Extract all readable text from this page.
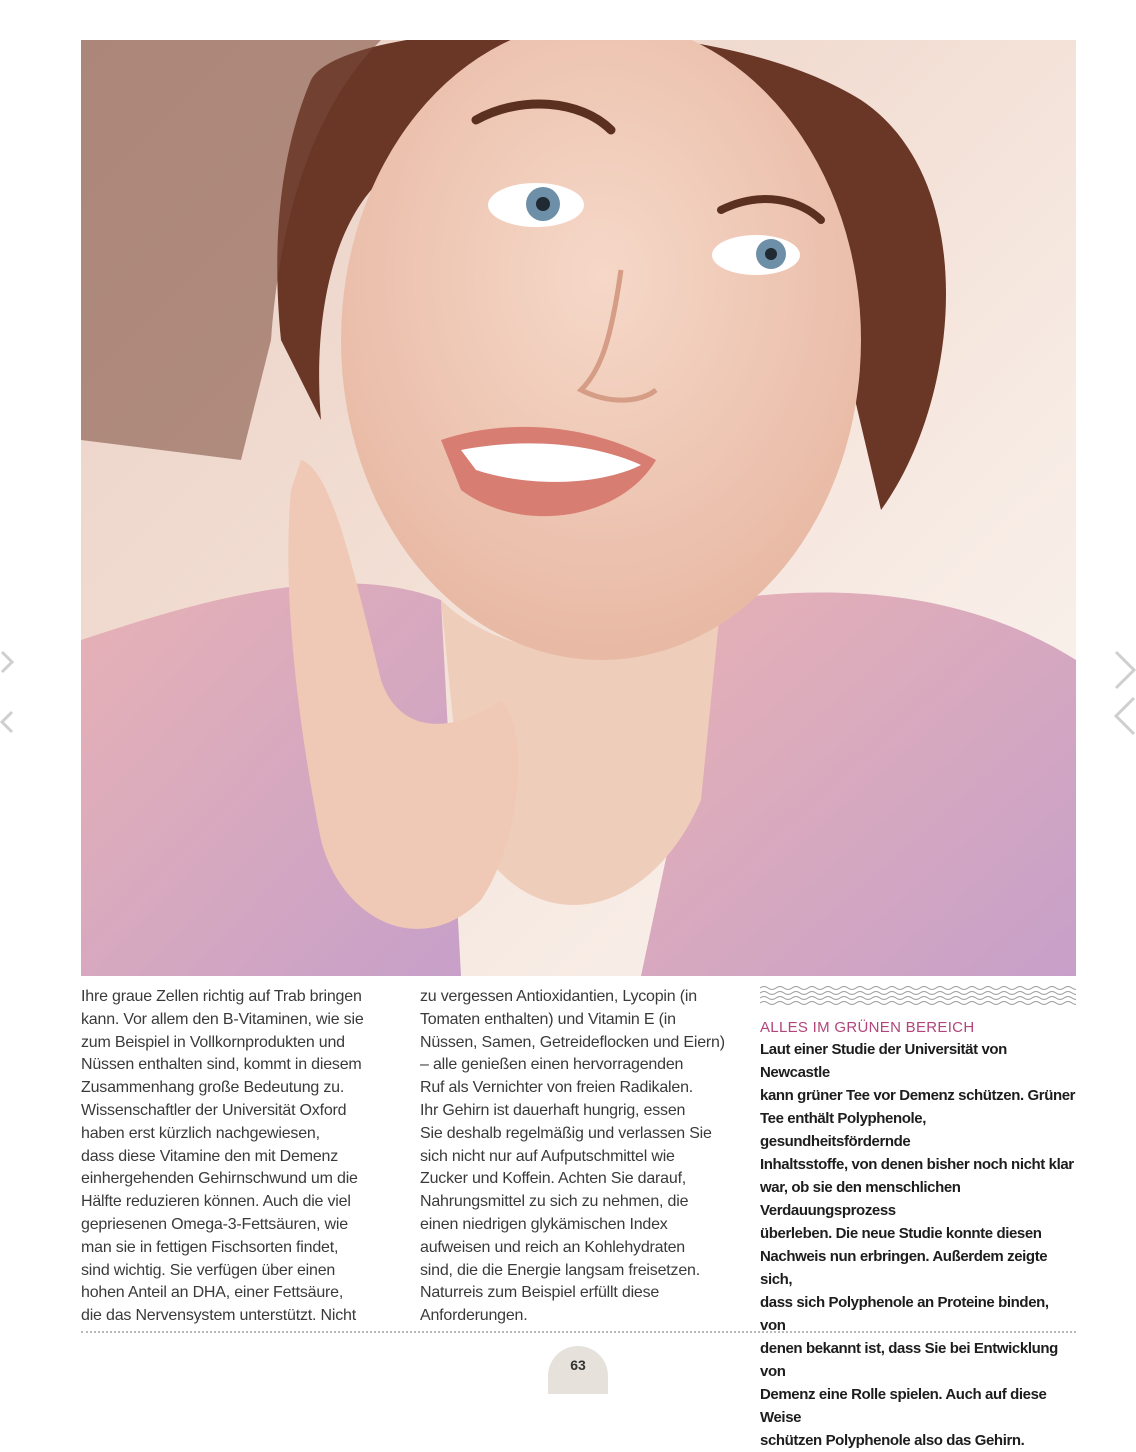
Ihre graue Zellen richtig auf Trab bringen
kann. Vor allem den B-Vitaminen, wie sie
zum Beispiel in Vollkornprodukten und
Nüssen enthalten sind, kommt in diesem
Zusammenhang große Bedeutung zu.
Wissenschaftler der Universität Oxford
haben erst kürzlich nachgewiesen,
dass diese Vitamine den mit Demenz
einhergehenden Gehirnschwund um die
Hälfte reduzieren können. Auch die viel
gepriesenen Omega-3-Fettsäuren, wie
man sie in fettigen Fischsorten findet,
sind wichtig. Sie verfügen über einen
hohen Anteil an DHA, einer Fettsäure,
die das Nervensystem unterstützt. Nicht
zu vergessen Antioxidantien, Lycopin (in
Tomaten enthalten) und Vitamin E (in
Nüssen, Samen, Getreideflocken und Eiern)
– alle genießen einen hervorragenden
Ruf als Vernichter von freien Radikalen.
Ihr Gehirn ist dauerhaft hungrig, essen
Sie deshalb regelmäßig und verlassen Sie
sich nicht nur auf Aufputschmittel wie
Zucker und Koffein. Achten Sie darauf,
Nahrungsmittel zu sich zu nehmen, die
einen niedrigen glykämischen Index
aufweisen und reich an Kohlehydraten
sind, die die Energie langsam freisetzen.
Naturreis zum Beispiel erfüllt diese
Anforderungen.
ALLES IM GRÜNEN BEREICH
Laut einer Studie der Universität von Newcastle
kann grüner Tee vor Demenz schützen. Grüner
Tee enthält Polyphenole, gesundheitsfördernde
Inhaltsstoffe, von denen bisher noch nicht klar
war, ob sie den menschlichen Verdauungsprozess
überleben. Die neue Studie konnte diesen
Nachweis nun erbringen. Außerdem zeigte sich,
dass sich Polyphenole an Proteine binden, von
denen bekannt ist, dass Sie bei Entwicklung von
Demenz eine Rolle spielen. Auch auf diese Weise
schützen Polyphenole also das Gehirn.
63
